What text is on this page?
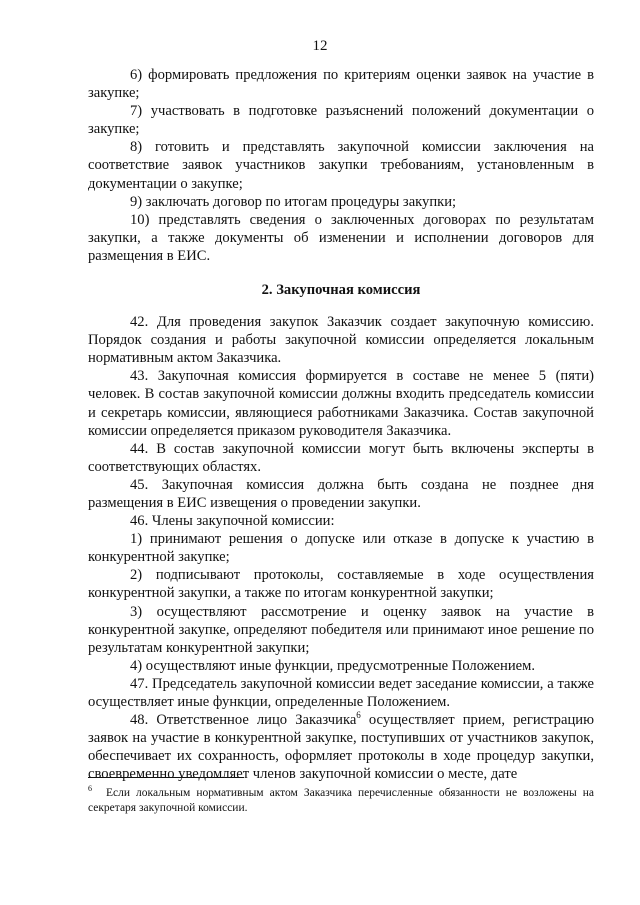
12

6) формировать предложения по критериям оценки заявок на участие в закупке;

7) участвовать в подготовке разъяснений положений документации о закупке;

8) готовить и представлять закупочной комиссии заключения на соответствие заявок участников закупки требованиям, установленным в документации о закупке;

9) заключать договор по итогам процедуры закупки;

10) представлять сведения о заключенных договорах по результатам закупки, а также документы об изменении и исполнении договоров для размещения в ЕИС.

2. Закупочная комиссия

42. Для проведения закупок Заказчик создает закупочную комиссию. Порядок создания и работы закупочной комиссии определяется локальным нормативным актом Заказчика.

43. Закупочная комиссия формируется в составе не менее 5 (пяти) человек. В состав закупочной комиссии должны входить председатель комиссии и секретарь комиссии, являющиеся работниками Заказчика. Состав закупочной комиссии определяется приказом руководителя Заказчика.

44. В состав закупочной комиссии могут быть включены эксперты в соответствующих областях.

45. Закупочная комиссия должна быть создана не позднее дня размещения в ЕИС извещения о проведении закупки.

46. Члены закупочной комиссии:

1) принимают решения о допуске или отказе в допуске к участию в конкурентной закупке;

2) подписывают протоколы, составляемые в ходе осуществления конкурентной закупки, а также по итогам конкурентной закупки;

3) осуществляют рассмотрение и оценку заявок на участие в конкурентной закупке, определяют победителя или принимают иное решение по результатам конкурентной закупки;

4) осуществляют иные функции, предусмотренные Положением.

47. Председатель закупочной комиссии ведет заседание комиссии, а также осуществляет иные функции, определенные Положением.

48. Ответственное лицо Заказчика$^6$ осуществляет прием, регистрацию заявок на участие в конкурентной закупке, поступивших от участников закупок, обеспечивает их сохранность, оформляет протоколы в ходе процедур закупки, своевременно уведомляет членов закупочной комиссии о месте, дате

$^6$ Если локальным нормативным актом Заказчика перечисленные обязанности не возложены на секретаря закупочной комиссии.
